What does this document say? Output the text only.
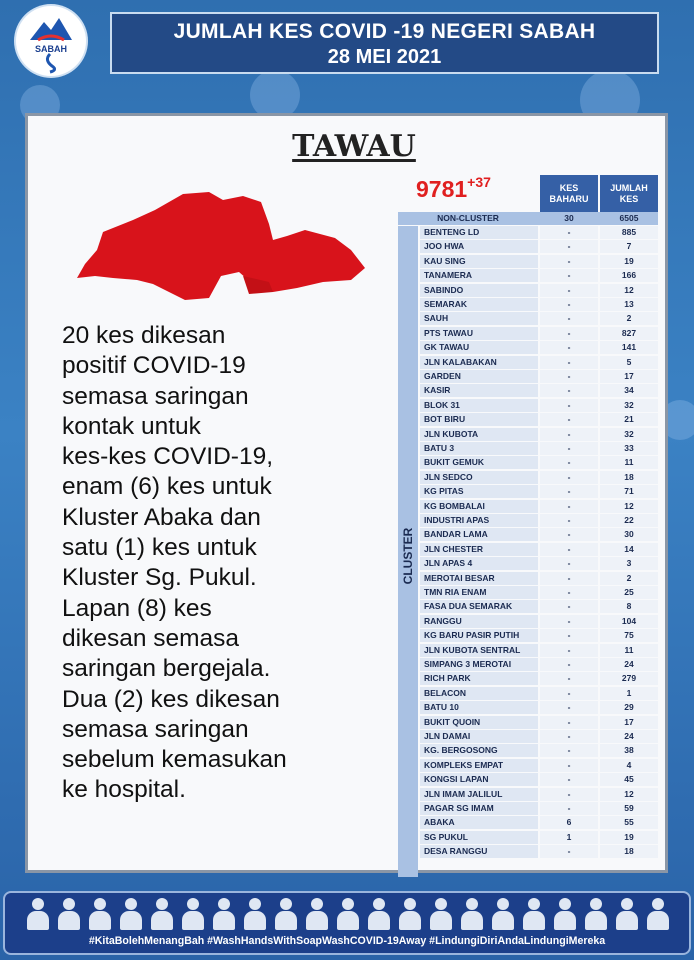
SABAH
JUMLAH KES COVID -19 NEGERI SABAH
28 MEI 2021
TAWAU
20 kes dikesan
positif COVID-19
semasa saringan
kontak untuk
kes-kes COVID-19,
enam (6) kes untuk
Kluster Abaka dan
satu (1) kes untuk
Kluster Sg. Pukul.
Lapan (8) kes
dikesan semasa
saringan bergejala.
Dua (2) kes dikesan
semasa saringan
sebelum kemasukan
ke hospital.
$9781^{+37}$	KES BAHARU
JUMLAH KES
NON-CLUSTER	30	6505
CLUSTER
BENTENG LD	-	885
JOO HWA	-	7
KAU SING	-	19
TANAMERA	-	166
SABINDO	-	12
SEMARAK	-	13
SAUH	-	2
PTS TAWAU	-	827
GK TAWAU	-	141
JLN KALABAKAN	-	5
GARDEN	-	17
KASIR	-	34
BLOK 31	-	32
BOT BIRU	-	21
JLN KUBOTA	-	32
BATU 3	-	33
BUKIT GEMUK	-	11
JLN SEDCO	-	18
KG PITAS	-	71
KG BOMBALAI	-	12
INDUSTRI APAS	-	22
BANDAR LAMA	-	30
JLN CHESTER	-	14
JLN APAS 4	-	3
MEROTAI BESAR	-	2
TMN RIA ENAM	-	25
FASA DUA SEMARAK	-	8
RANGGU	-	104
KG BARU PASIR PUTIH	-	75
JLN KUBOTA SENTRAL	-	11
SIMPANG 3 MEROTAI	-	24
RICH PARK	-	279
BELACON	-	1
BATU 10	-	29
BUKIT QUOIN	-	17
JLN DAMAI	-	24
KG. BERGOSONG	-	38
KOMPLEKS EMPAT	-	4
KONGSI LAPAN	-	45
JLN IMAM JALILUL	-	12
PAGAR SG IMAM	-	59
ABAKA	6	55
SG PUKUL	1	19
DESA RANGGU	-	18
#KitaBolehMenangBah #WashHandsWithSoapWashCOVID-19Away #LindungiDiriAndaLindungiMereka
